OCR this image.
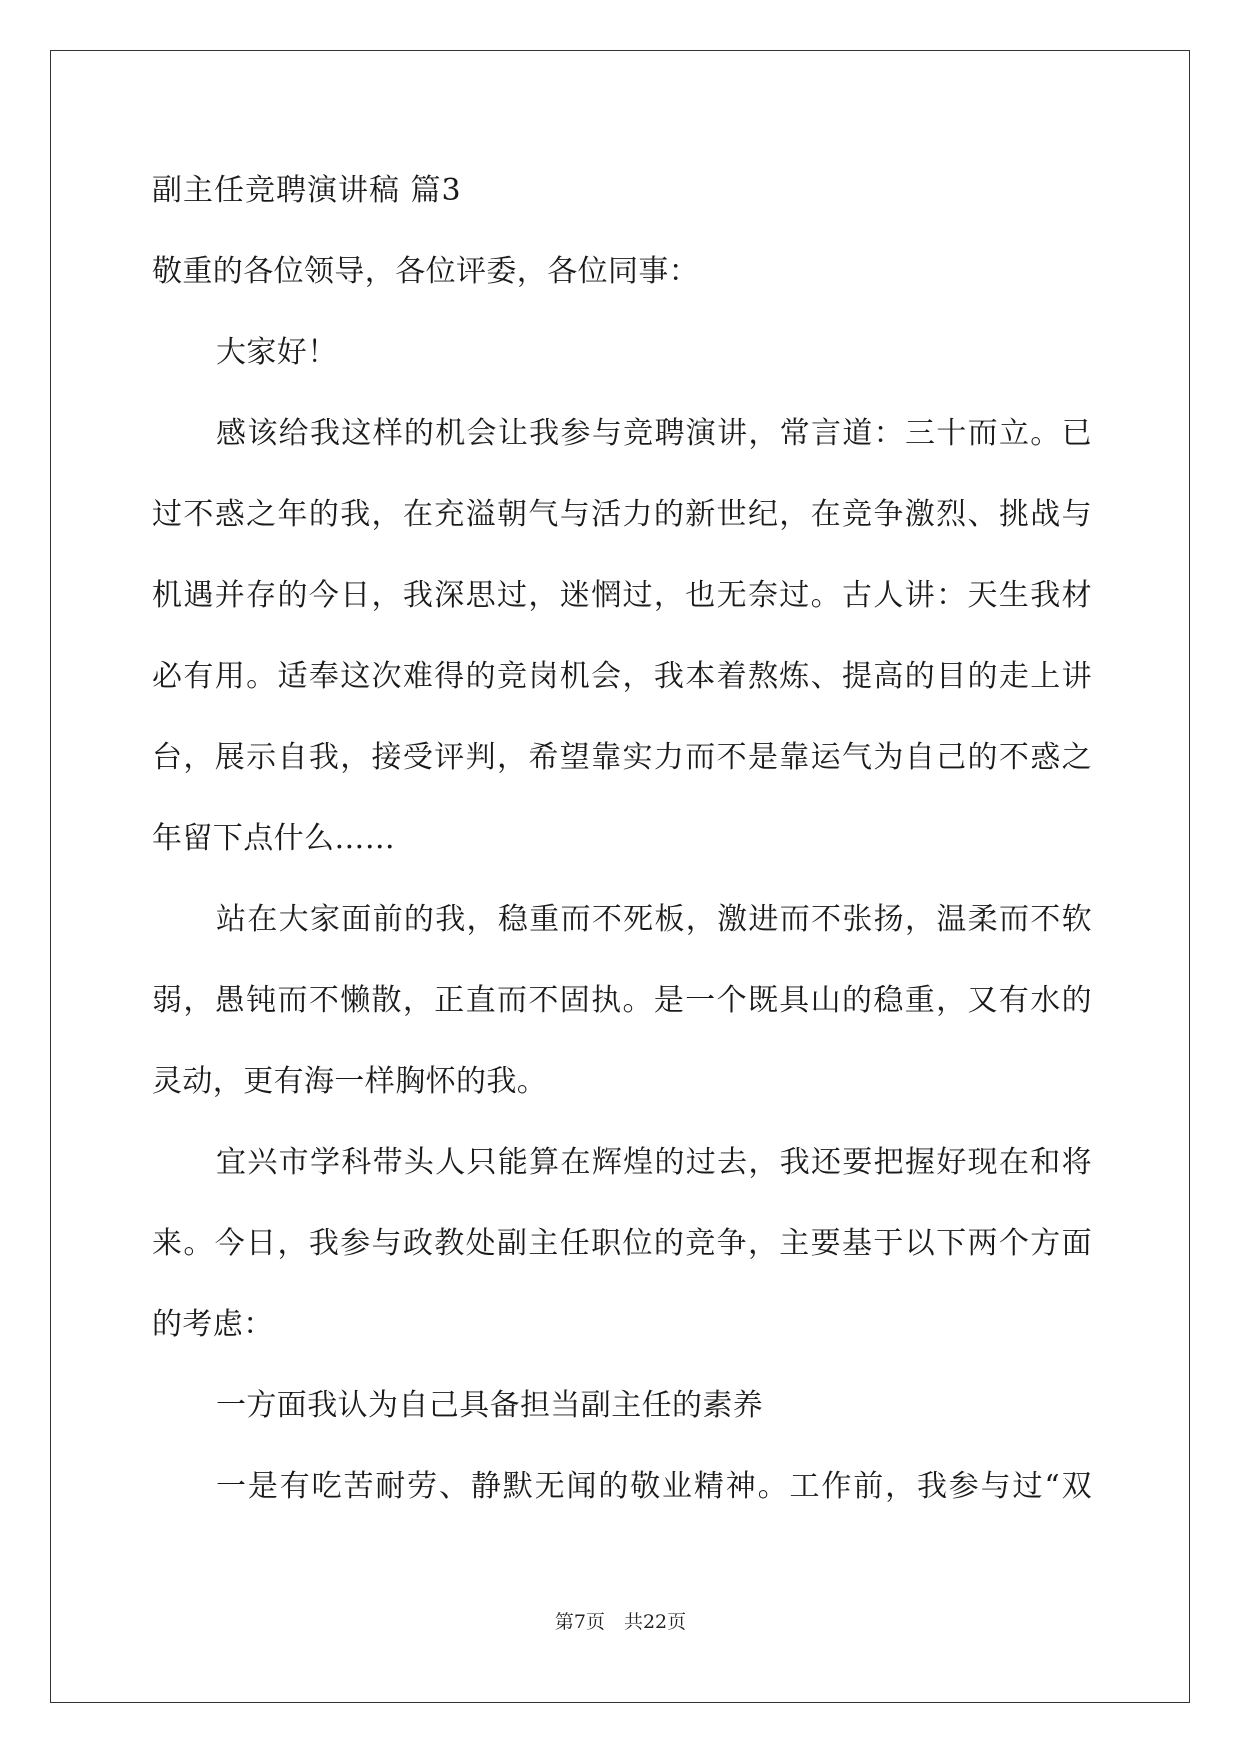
副主任竞聘演讲稿 篇3
敬重的各位领导，各位评委，各位同事：
大家好！
感该给我这样的机会让我参与竞聘演讲，常言道：三十而立。已
过不惑之年的我，在充溢朝气与活力的新世纪，在竞争激烈、挑战与
机遇并存的今日，我深思过，迷惘过，也无奈过。古人讲：天生我材
必有用。适奉这次难得的竞岗机会，我本着熬炼、提高的目的走上讲
台，展示自我，接受评判，希望靠实力而不是靠运气为自己的不惑之
年留下点什么……
站在大家面前的我，稳重而不死板，激进而不张扬，温柔而不软
弱，愚钝而不懒散，正直而不固执。是一个既具山的稳重，又有水的
灵动，更有海一样胸怀的我。
宜兴市学科带头人只能算在辉煌的过去，我还要把握好现在和将
来。今日，我参与政教处副主任职位的竞争，主要基于以下两个方面
的考虑：
一方面我认为自己具备担当副主任的素养
一是有吃苦耐劳、静默无闻的敬业精神。工作前，我参与过“双
第7页　共22页
